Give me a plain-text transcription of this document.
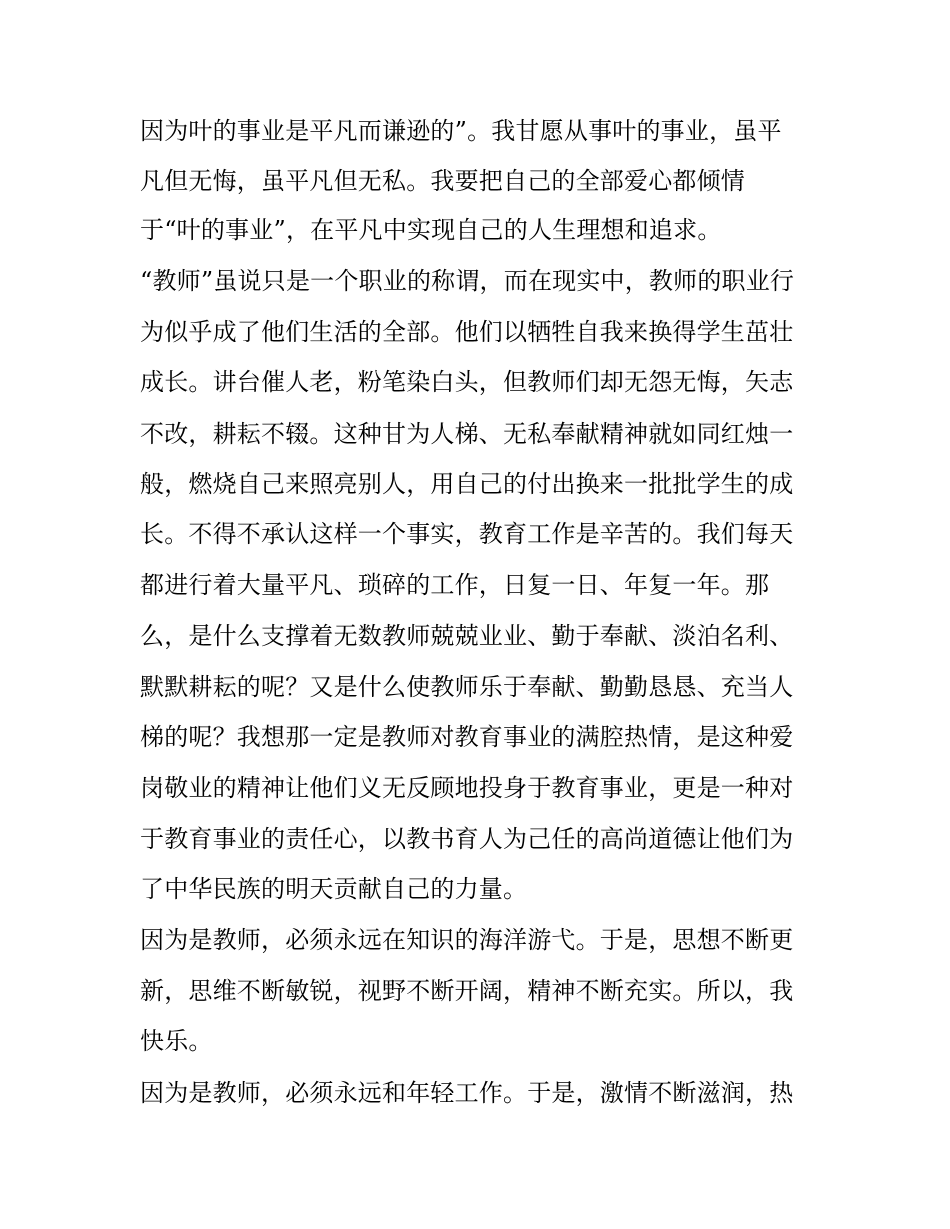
因为叶的事业是平凡而谦逊的”。我甘愿从事叶的事业，虽平
凡但无悔，虽平凡但无私。我要把自己的全部爱心都倾情
于“叶的事业”，在平凡中实现自己的人生理想和追求。
“教师”虽说只是一个职业的称谓，而在现实中，教师的职业行
为似乎成了他们生活的全部。他们以牺牲自我来换得学生茁壮
成长。讲台催人老，粉笔染白头，但教师们却无怨无悔，矢志
不改，耕耘不辍。这种甘为人梯、无私奉献精神就如同红烛一
般，燃烧自己来照亮别人，用自己的付出换来一批批学生的成
长。不得不承认这样一个事实，教育工作是辛苦的。我们每天
都进行着大量平凡、琐碎的工作，日复一日、年复一年。那
么，是什么支撑着无数教师兢兢业业、勤于奉献、淡泊名利、
默默耕耘的呢？又是什么使教师乐于奉献、勤勤恳恳、充当人
梯的呢？我想那一定是教师对教育事业的满腔热情，是这种爱
岗敬业的精神让他们义无反顾地投身于教育事业，更是一种对
于教育事业的责任心，以教书育人为己任的高尚道德让他们为
了中华民族的明天贡献自己的力量。
因为是教师，必须永远在知识的海洋游弋。于是，思想不断更
新，思维不断敏锐，视野不断开阔，精神不断充实。所以，我
快乐。
因为是教师，必须永远和年轻工作。于是，激情不断滋润，热
